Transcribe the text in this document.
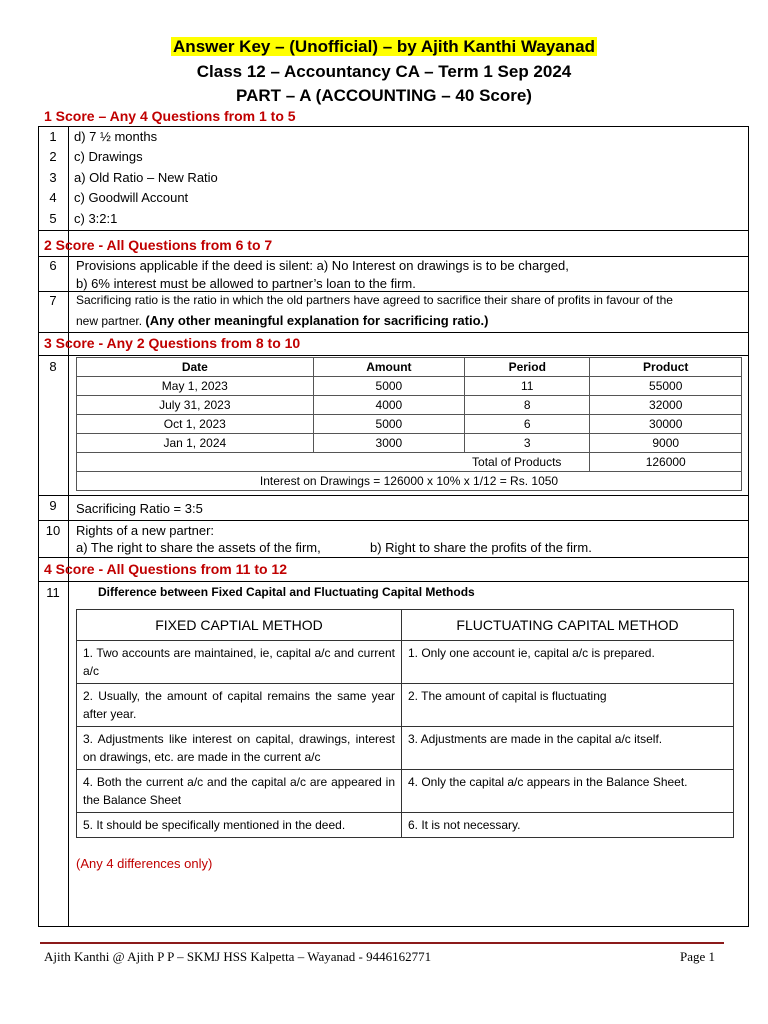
Answer Key – (Unofficial) – by Ajith Kanthi Wayanad
Class 12 – Accountancy CA – Term 1 Sep 2024
PART – A (ACCOUNTING – 40 Score)
1 Score – Any 4 Questions from 1 to 5
1	d) 7 ½ months
2	c) Drawings
3	a) Old Ratio – New Ratio
4	c) Goodwill Account
5	c) 3:2:1
2 Score - All Questions from 6 to 7
6	Provisions applicable if the deed is silent: a) No Interest on drawings is to be charged,
b) 6% interest must be allowed to partner’s loan to the firm.
7	Sacrificing ratio is the ratio in which the old partners have agreed to sacrifice their share of profits in favour of the
new partner. (Any other meaningful explanation for sacrificing ratio.)
3 Score - Any 2 Questions from 8 to 10
8	Date	Amount	Period	Product
May 1, 2023	5000	11	55000
July 31, 2023	4000	8	32000
Oct 1, 2023	5000	6	30000
Jan 1, 2024	3000	3	9000
Total of Products			126000
Interest on Drawings = 126000 x 10% x 1/12 = Rs. 1050			
9	Sacrificing Ratio = 3:5
10	Rights of a new partner:
a) The right to share the assets of the firm,	b) Right to share the profits of the firm.
4 Score - All Questions from 11 to 12
11	Difference between Fixed Capital and Fluctuating Capital Methods
FIXED CAPTIAL METHOD	FLUCTUATING CAPITAL METHOD
1. Two accounts are maintained, ie, capital a/c and current a/c	1. Only one account ie, capital a/c is prepared.
2. Usually, the amount of capital remains the same year after year.	2. The amount of capital is fluctuating
3. Adjustments like interest on capital, drawings, interest on drawings, etc. are made in the current a/c	3. Adjustments are made in the capital a/c itself.
4. Both the current a/c and the capital a/c are appeared in the Balance Sheet	4. Only the capital a/c appears in the Balance Sheet.
5. It should be specifically mentioned in the deed.	6. It is not necessary.
(Any 4 differences only)
Ajith Kanthi @ Ajith P P – SKMJ HSS Kalpetta – Wayanad - 9446162771	Page 1
